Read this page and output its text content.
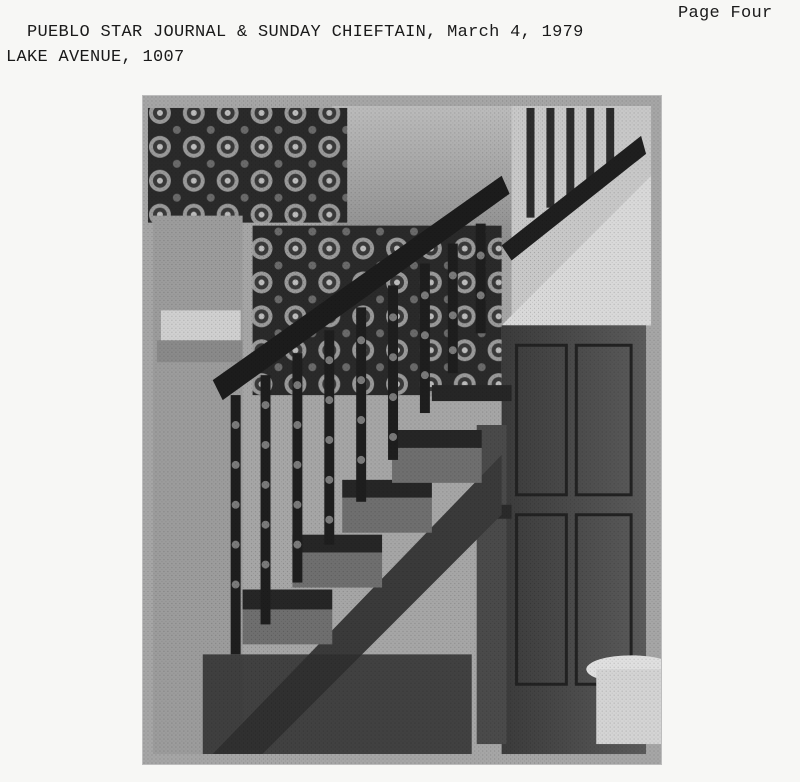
PUEBLO STAR JOURNAL & SUNDAY CHIEFTAIN, March 4, 1979

Page Four

LAKE AVENUE, 1007
